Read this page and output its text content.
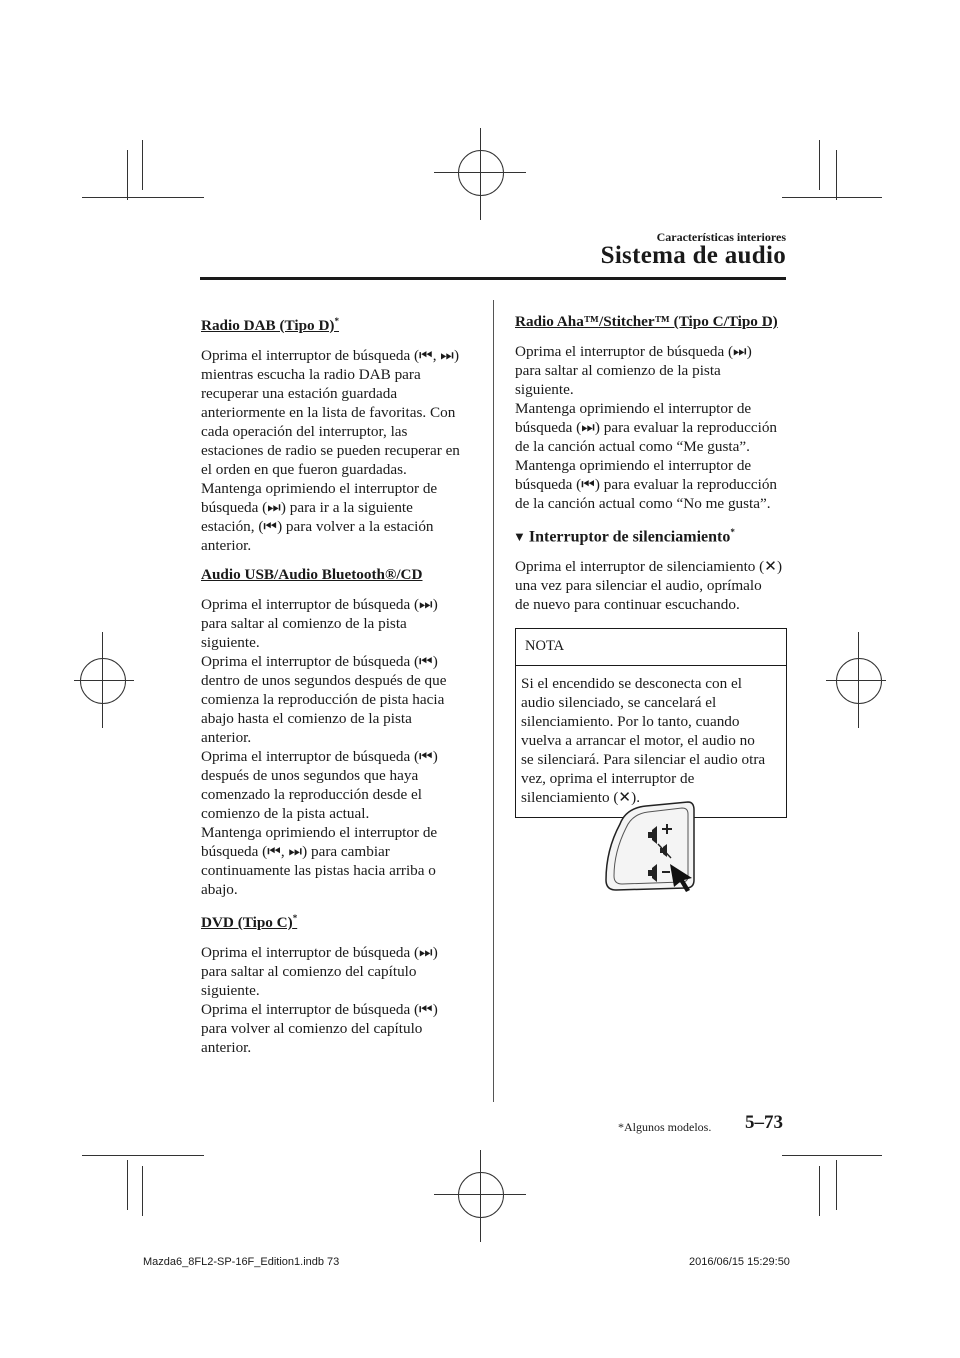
Características interiores
Sistema de audio
Radio DAB (Tipo D)*
Oprima el interruptor de búsqueda (⏮, ⏭)
mientras escucha la radio DAB para
recuperar una estación guardada
anteriormente en la lista de favoritas. Con
cada operación del interruptor, las
estaciones de radio se pueden recuperar en
el orden en que fueron guardadas.
Mantenga oprimiendo el interruptor de
búsqueda (⏭) para ir a la siguiente
estación, (⏮) para volver a la estación
anterior.
Audio USB/Audio Bluetooth®/CD
Oprima el interruptor de búsqueda (⏭)
para saltar al comienzo de la pista
siguiente.
Oprima el interruptor de búsqueda (⏮)
dentro de unos segundos después de que
comienza la reproducción de pista hacia
abajo hasta el comienzo de la pista
anterior.
Oprima el interruptor de búsqueda (⏮)
después de unos segundos que haya
comenzado la reproducción desde el
comienzo de la pista actual.
Mantenga oprimiendo el interruptor de
búsqueda (⏮, ⏭) para cambiar
continuamente las pistas hacia arriba o
abajo.
DVD (Tipo C)*
Oprima el interruptor de búsqueda (⏭)
para saltar al comienzo del capítulo
siguiente.
Oprima el interruptor de búsqueda (⏮)
para volver al comienzo del capítulo
anterior.
Radio Aha™/Stitcher™ (Tipo C/Tipo D)
Oprima el interruptor de búsqueda (⏭)
para saltar al comienzo de la pista
siguiente.
Mantenga oprimiendo el interruptor de
búsqueda (⏭) para evaluar la reproducción
de la canción actual como “Me gusta”.
Mantenga oprimiendo el interruptor de
búsqueda (⏮) para evaluar la reproducción
de la canción actual como “No me gusta”.
▼ Interruptor de silenciamiento*
Oprima el interruptor de silenciamiento (✕)
una vez para silenciar el audio, oprímalo
de nuevo para continuar escuchando.
NOTA
Si el encendido se desconecta con el
audio silenciado, se cancelará el
silenciamiento. Por lo tanto, cuando
vuelva a arrancar el motor, el audio no
se silenciará. Para silenciar el audio otra
vez, oprima el interruptor de
silenciamiento (✕).
*Algunos modelos. 5–73
Mazda6_8FL2-SP-16F_Edition1.indb 73	2016/06/15 15:29:50
